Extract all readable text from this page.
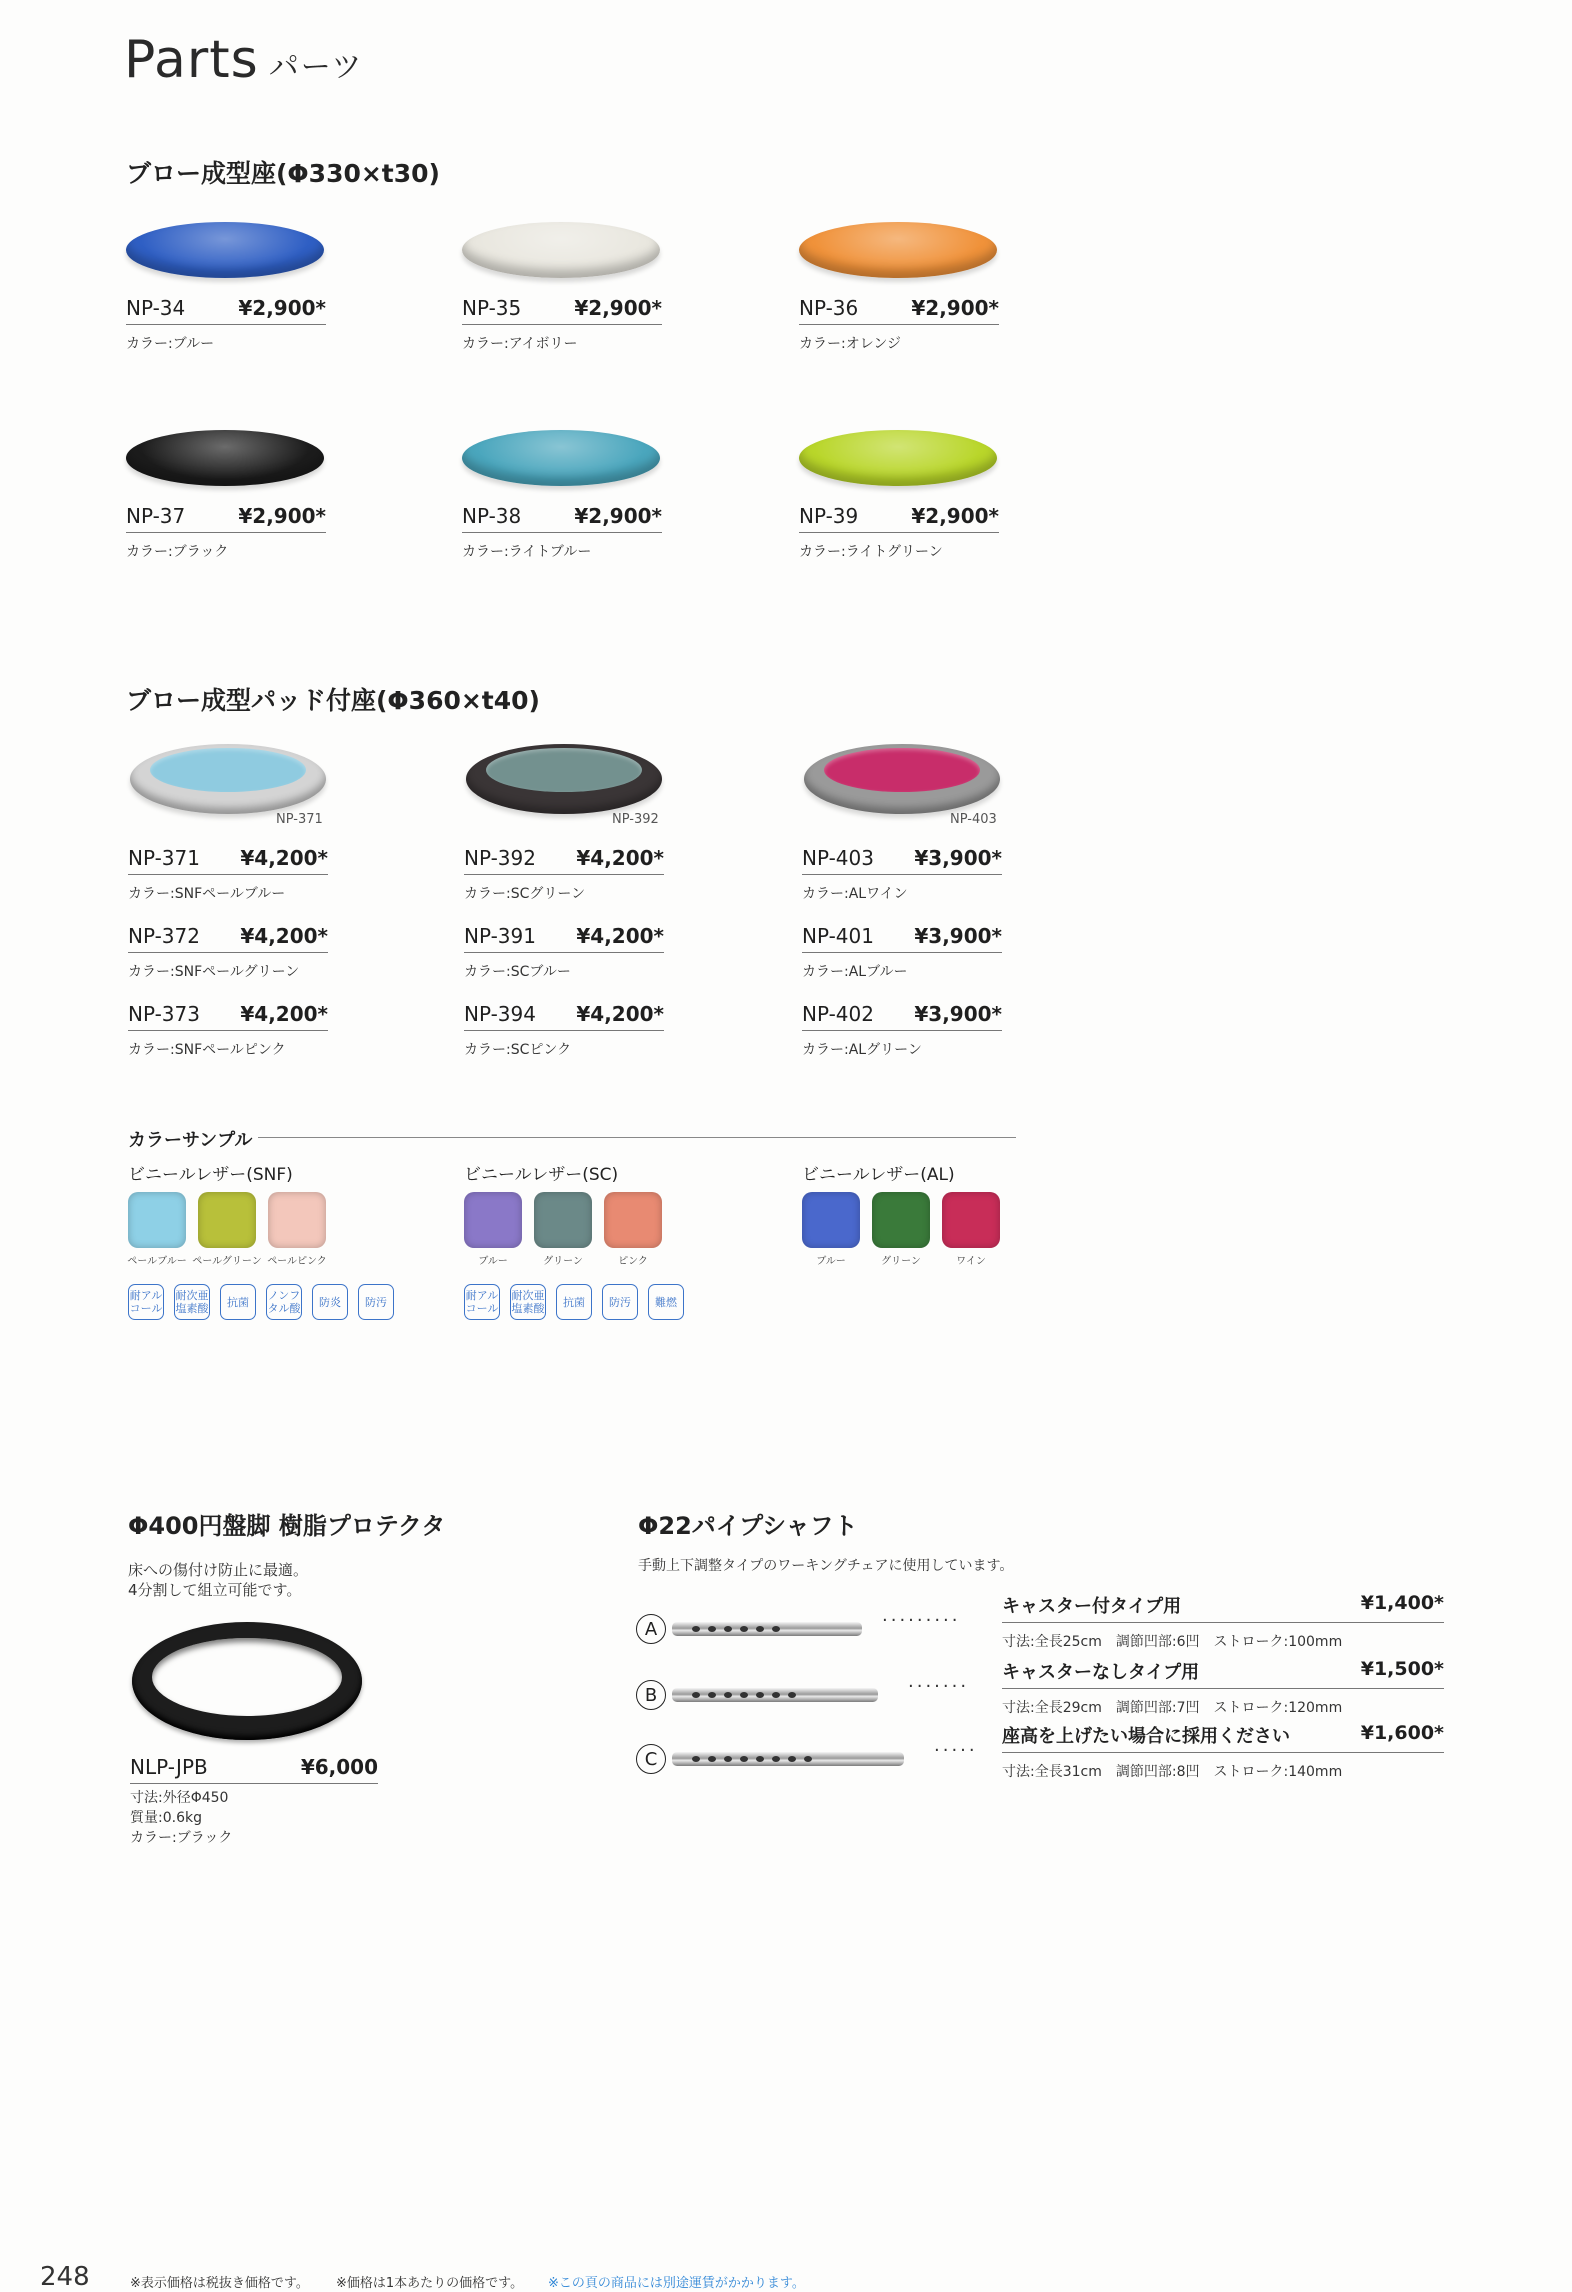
Parts パーツ
ブロー成型座(Φ330×t30)
NP-34	¥2,900*
カラー:ブルー
NP-35	¥2,900*
カラー:アイボリー
NP-36	¥2,900*
カラー:オレンジ
NP-37	¥2,900*
カラー:ブラック
NP-38	¥2,900*
カラー:ライトブルー
NP-39	¥2,900*
カラー:ライトグリーン
ブロー成型パッド付座(Φ360×t40)
NP-371
NP-371 ¥4,200*
カラー:SNFペールブルー
NP-372 ¥4,200*
カラー:SNFペールグリーン
NP-373 ¥4,200*
カラー:SNFペールピンク
NP-392
NP-392 ¥4,200*
カラー:SCグリーン
NP-391 ¥4,200*
カラー:SCブルー
NP-394 ¥4,200*
カラー:SCピンク
NP-403
NP-403 ¥3,900*
カラー:ALワイン
NP-401 ¥3,900*
カラー:ALブルー
NP-402 ¥3,900*
カラー:ALグリーン
カラーサンプル
ビニールレザー(SNF)
ペールブルー ペールグリーン ペールピンク
耐アル
コール
耐次亜
塩素酸	抗菌	ノンフ
タル酸	防炎	防汚
ビニールレザー(SC)
ブルー	グリーン	ピンク
耐アル
コール
耐次亜
塩素酸	抗菌	防汚	難燃
ビニールレザー(AL)
ブルー	グリーン	ワイン
Φ400円盤脚 樹脂プロテクタ
床への傷付け防止に最適。
4分割して組立可能です。
NLP-JPB	¥6,000
寸法:外径Φ450
質量:0.6kg
カラー:ブラック
Φ22パイプシャフト
手動上下調整タイプのワーキングチェアに使用しています。
A	·········
キャスター付タイプ用	¥1,400*
寸法:全長25cm　調節凹部:6凹　ストローク:100mm
B	·······
キャスターなしタイプ用	¥1,500*
寸法:全長29cm　調節凹部:7凹　ストローク:120mm
C	·····
座高を上げたい場合に採用ください	¥1,600*
寸法:全長31cm　調節凹部:8凹　ストローク:140mm
248	※表示価格は税抜き価格です。 ※価格は1本あたりの価格です。 ※この頁の商品には別途運賃がかかります。
